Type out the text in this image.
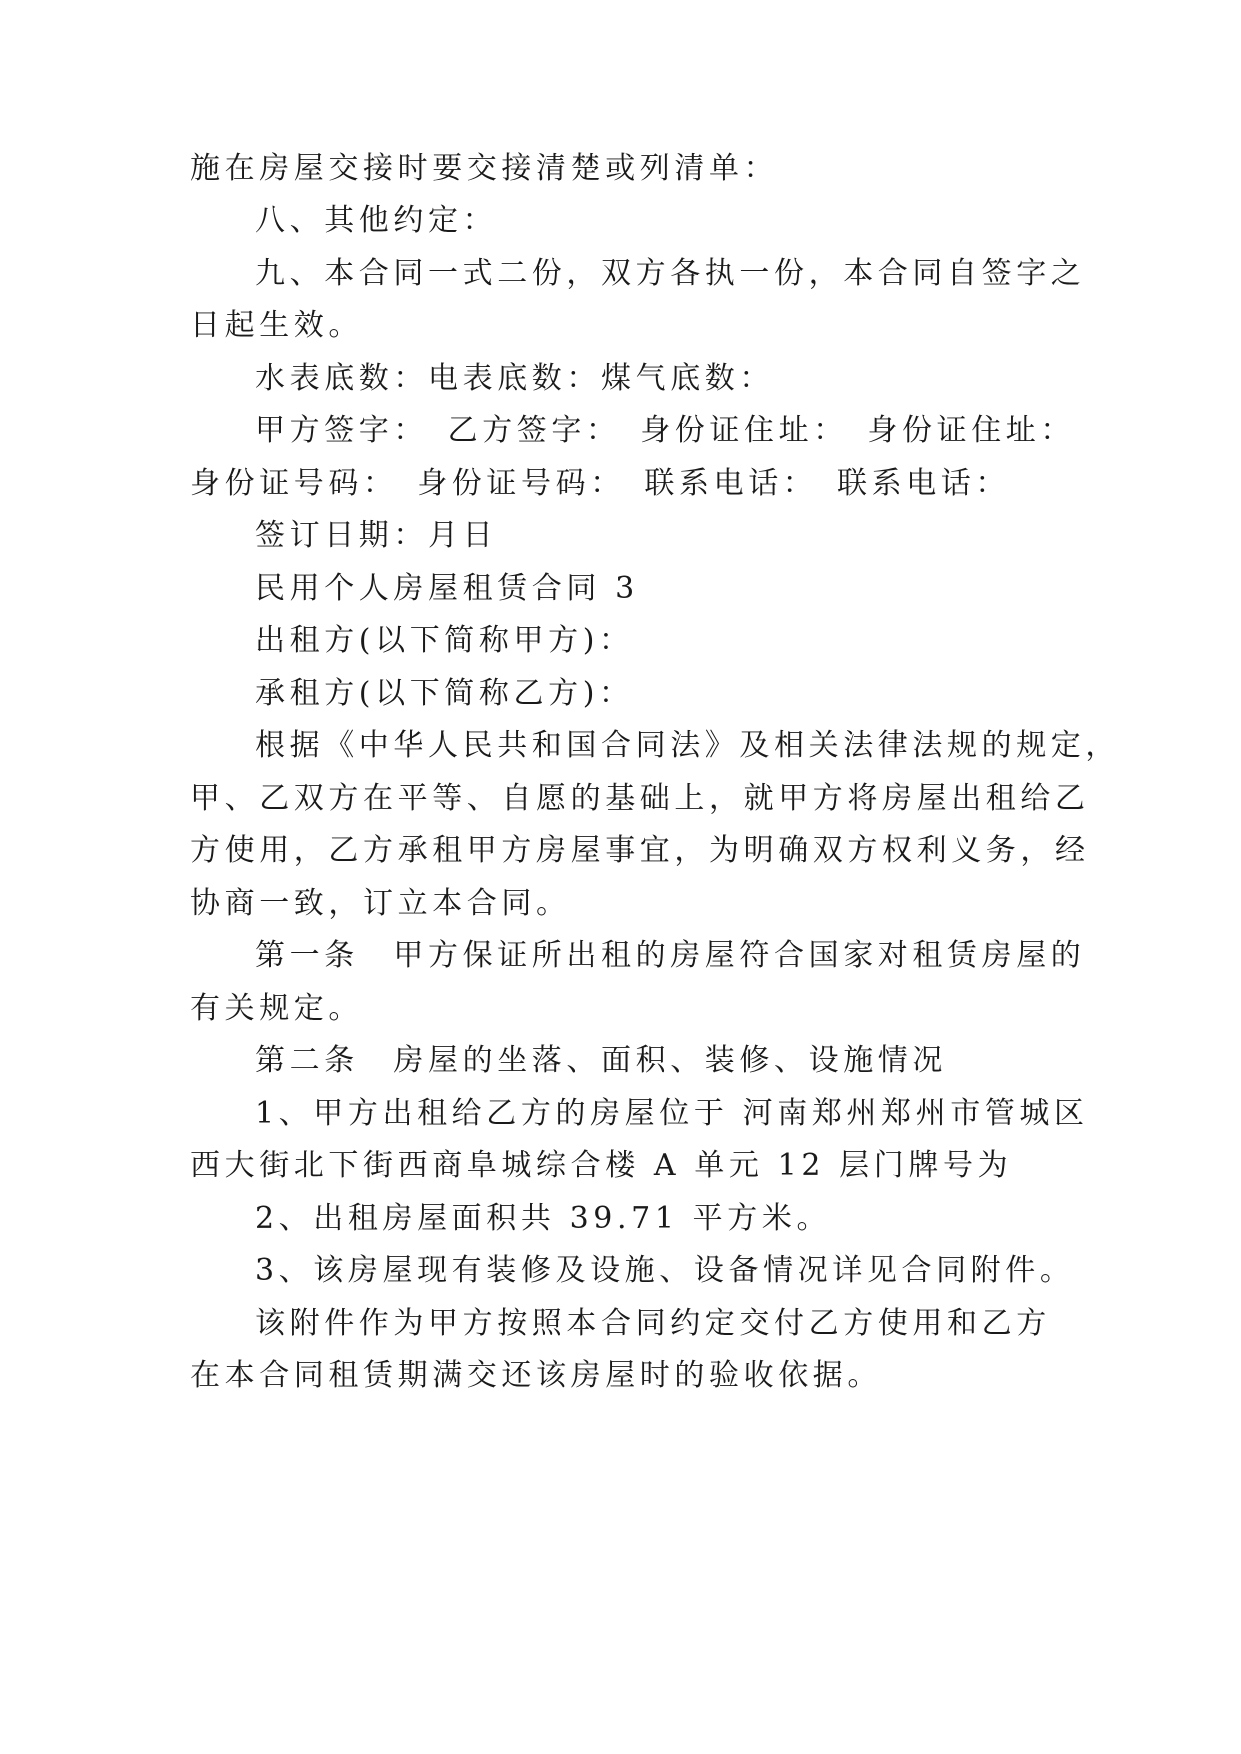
施在房屋交接时要交接清楚或列清单：
八、其他约定：
九、本合同一式二份，双方各执一份，本合同自签字之
日起生效。
水表底数：电表底数：煤气底数：
甲方签字：　乙方签字：　身份证住址：　身份证住址：
身份证号码：　身份证号码：　联系电话：　联系电话：
签订日期：月日
民用个人房屋租赁合同 3
出租方(以下简称甲方)：
承租方(以下简称乙方)：
根据《中华人民共和国合同法》及相关法律法规的规定，
甲、乙双方在平等、自愿的基础上，就甲方将房屋出租给乙
方使用，乙方承租甲方房屋事宜，为明确双方权利义务，经
协商一致，订立本合同。
第一条　甲方保证所出租的房屋符合国家对租赁房屋的
有关规定。
第二条　房屋的坐落、面积、装修、设施情况
1、甲方出租给乙方的房屋位于 河南郑州郑州市管城区
西大街北下街西商阜城综合楼 A 单元 12 层门牌号为
2、出租房屋面积共 39.71 平方米。
3、该房屋现有装修及设施、设备情况详见合同附件。
该附件作为甲方按照本合同约定交付乙方使用和乙方
在本合同租赁期满交还该房屋时的验收依据。
